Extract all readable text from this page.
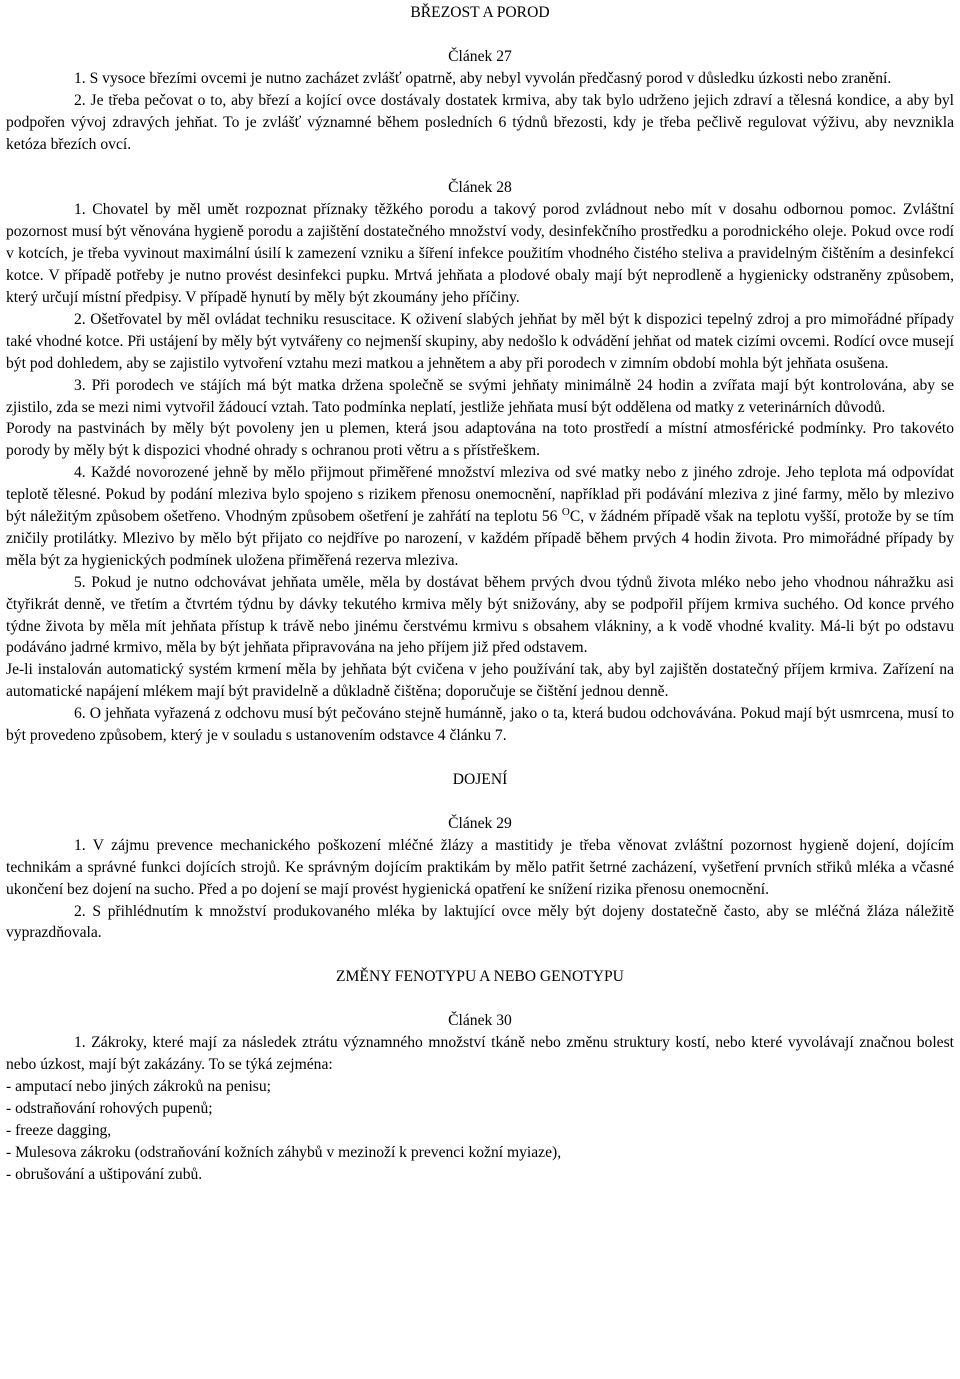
BŘEZOST A POROD

Článek 27

1. S vysoce březími ovcemi je nutno zacházet zvlášť opatrně, aby nebyl vyvolán předčasný porod v důsledku úzkosti nebo zranění.

2. Je třeba pečovat o to, aby březí a kojící ovce dostávaly dostatek krmiva, aby tak bylo udrženo jejich zdraví a tělesná kondice, a aby byl podpořen vývoj zdravých jehňat. To je zvlášť významné během posledních 6 týdnů březosti, kdy je třeba pečlivě regulovat výživu, aby nevznikla ketóza březích ovcí.

Článek 28

1. Chovatel by měl umět rozpoznat příznaky těžkého porodu a takový porod zvládnout nebo mít v dosahu odbornou pomoc. Zvláštní pozornost musí být věnována hygieně porodu a zajištění dostatečného množství vody, desinfekčního prostředku a porodnického oleje. Pokud ovce rodí v kotcích, je třeba vyvinout maximální úsilí k zamezení vzniku a šíření infekce použitím vhodného čistého steliva a pravidelným čištěním a desinfekcí kotce. V případě potřeby je nutno provést desinfekci pupku. Mrtvá jehňata a plodové obaly mají být neprodleně a hygienicky odstraněny způsobem, který určují místní předpisy. V případě hynutí by měly být zkoumány jeho příčiny.

2. Ošetřovatel by měl ovládat techniku resuscitace. K oživení slabých jehňat by měl být k dispozici tepelný zdroj a pro mimořádné případy také vhodné kotce. Při ustájení by měly být vytvářeny co nejmenší skupiny, aby nedošlo k odvádění jehňat od matek cizími ovcemi. Rodící ovce musejí být pod dohledem, aby se zajistilo vytvoření vztahu mezi matkou a jehnětem a aby při porodech v zimním období mohla být jehňata osušena.

3. Při porodech ve stájích má být matka držena společně se svými jehňaty minimálně 24 hodin a zvířata mají být kontrolována, aby se zjistilo, zda se mezi nimi vytvořil žádoucí vztah. Tato podmínka neplatí, jestliže jehňata musí být oddělena od matky z veterinárních důvodů.

Porody na pastvinách by měly být povoleny jen u plemen, která jsou adaptována na toto prostředí a místní atmosférické podmínky. Pro takovéto porody by měly být k dispozici vhodné ohrady s ochranou proti větru a s přístřeškem.

4. Každé novorozené jehně by mělo přijmout přiměřené množství mleziva od své matky nebo z jiného zdroje. Jeho teplota má odpovídat teplotě tělesné. Pokud by podání mleziva bylo spojeno s rizikem přenosu onemocnění, například při podávání mleziva z jiné farmy, mělo by mlezivo být náležitým způsobem ošetřeno. Vhodným způsobem ošetření je zahřátí na teplotu 56 $^O$C, v žádném případě však na teplotu vyšší, protože by se tím zničily protilátky. Mlezivo by mělo být přijato co nejdříve po narození, v každém případě během prvých 4 hodin života. Pro mimořádné případy by měla být za hygienických podmínek uložena přiměřená rezerva mleziva.

5. Pokud je nutno odchovávat jehňata uměle, měla by dostávat během prvých dvou týdnů života mléko nebo jeho vhodnou náhražku asi čtyřikrát denně, ve třetím a čtvrtém týdnu by dávky tekutého krmiva měly být snižovány, aby se podpořil příjem krmiva suchého. Od konce prvého týdne života by měla mít jehňata přístup k trávě nebo jinému čerstvému krmivu s obsahem vlákniny, a k vodě vhodné kvality. Má-li být po odstavu podáváno jadrné krmivo, měla by být jehňata připravována na jeho příjem již před odstavem.

Je-li instalován automatický systém krmení měla by jehňata být cvičena v jeho používání tak, aby byl zajištěn dostatečný příjem krmiva. Zařízení na automatické napájení mlékem mají být pravidelně a důkladně čištěna; doporučuje se čištění jednou denně.

6. O jehňata vyřazená z odchovu musí být pečováno stejně humánně, jako o ta, která budou odchovávána. Pokud mají být usmrcena, musí to být provedeno způsobem, který je v souladu s ustanovením odstavce 4 článku 7.

DOJENÍ

Článek 29

1. V zájmu prevence mechanického poškození mléčné žlázy a mastitidy je třeba věnovat zvláštní pozornost hygieně dojení, dojícím technikám a správné funkci dojících strojů. Ke správným dojícím praktikám by mělo patřit šetrné zacházení, vyšetření prvních střiků mléka a včasné ukončení bez dojení na sucho. Před a po dojení se mají provést hygienická opatření ke snížení rizika přenosu onemocnění.

2. S přihlédnutím k množství produkovaného mléka by laktující ovce měly být dojeny dostatečně často, aby se mléčná žláza náležitě vyprazdňovala.

ZMĚNY FENOTYPU A NEBO GENOTYPU

Článek 30

1. Zákroky, které mají za následek ztrátu významného množství tkáně nebo změnu struktury kostí, nebo které vyvolávají značnou bolest nebo úzkost, mají být zakázány. To se týká zejména:

- amputací nebo jiných zákroků na penisu;

- odstraňování rohových pupenů;

- freeze dagging,

- Mulesova zákroku (odstraňování kožních záhybů v mezinoží k prevenci kožní myiaze),

- obrušování a uštipování zubů.
